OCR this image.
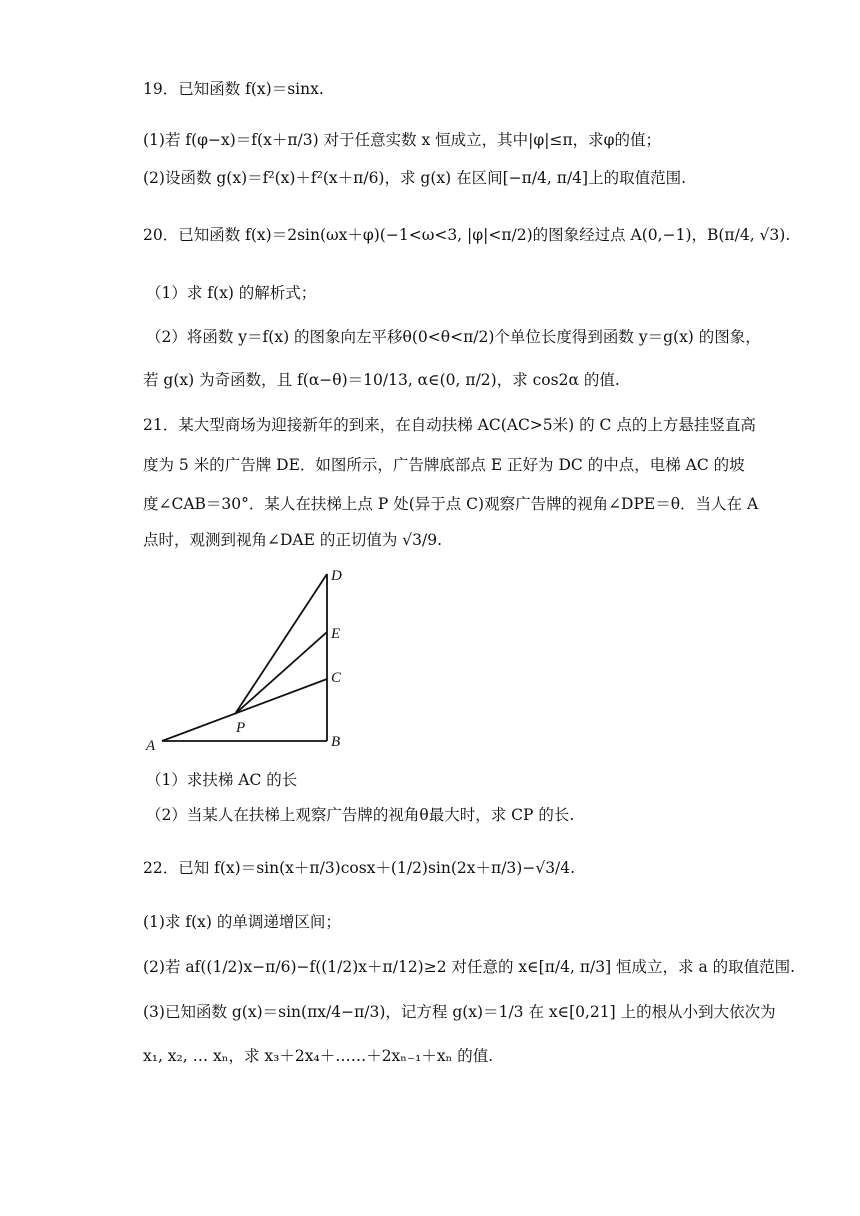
19．已知函数 f(x)＝sinx.
(1)若 f(φ−x)＝f(x＋π/3) 对于任意实数 x 恒成立，其中|φ|≤π，求φ的值；
(2)设函数 g(x)＝f²(x)＋f²(x＋π/6)，求 g(x) 在区间[−π/4, π/4]上的取值范围.
20．已知函数 f(x)＝2sin(ωx＋φ)(−1<ω<3, |φ|<π/2)的图象经过点 A(0,−1)，B(π/4, √3).
（1）求 f(x) 的解析式；
（2）将函数 y＝f(x) 的图象向左平移θ(0<θ<π/2)个单位长度得到函数 y＝g(x) 的图象，
若 g(x) 为奇函数，且 f(α−θ)＝10/13, α∈(0, π/2)，求 cos2α 的值.
21．某大型商场为迎接新年的到来，在自动扶梯 AC(AC>5米) 的 C 点的上方悬挂竖直高
度为 5 米的广告牌 DE．如图所示，广告牌底部点 E 正好为 DC 的中点，电梯 AC 的坡
度∠CAB＝30°．某人在扶梯上点 P 处(异于点 C)观察广告牌的视角∠DPE＝θ．当人在 A
点时，观测到视角∠DAE 的正切值为 √3/9.
A	B
C
D
E
P
（1）求扶梯 AC 的长
（2）当某人在扶梯上观察广告牌的视角θ最大时，求 CP 的长.
22．已知 f(x)＝sin(x＋π/3)cosx＋(1/2)sin(2x＋π/3)−√3/4.
(1)求 f(x) 的单调递增区间；
(2)若 af((1/2)x−π/6)−f((1/2)x＋π/12)≥2 对任意的 x∈[π/4, π/3] 恒成立，求 a 的取值范围.
(3)已知函数 g(x)＝sin(πx/4−π/3)，记方程 g(x)＝1/3 在 x∈[0,21] 上的根从小到大依次为
x₁, x₂, … xₙ，求 x₃＋2x₄＋……＋2xₙ₋₁＋xₙ 的值.
